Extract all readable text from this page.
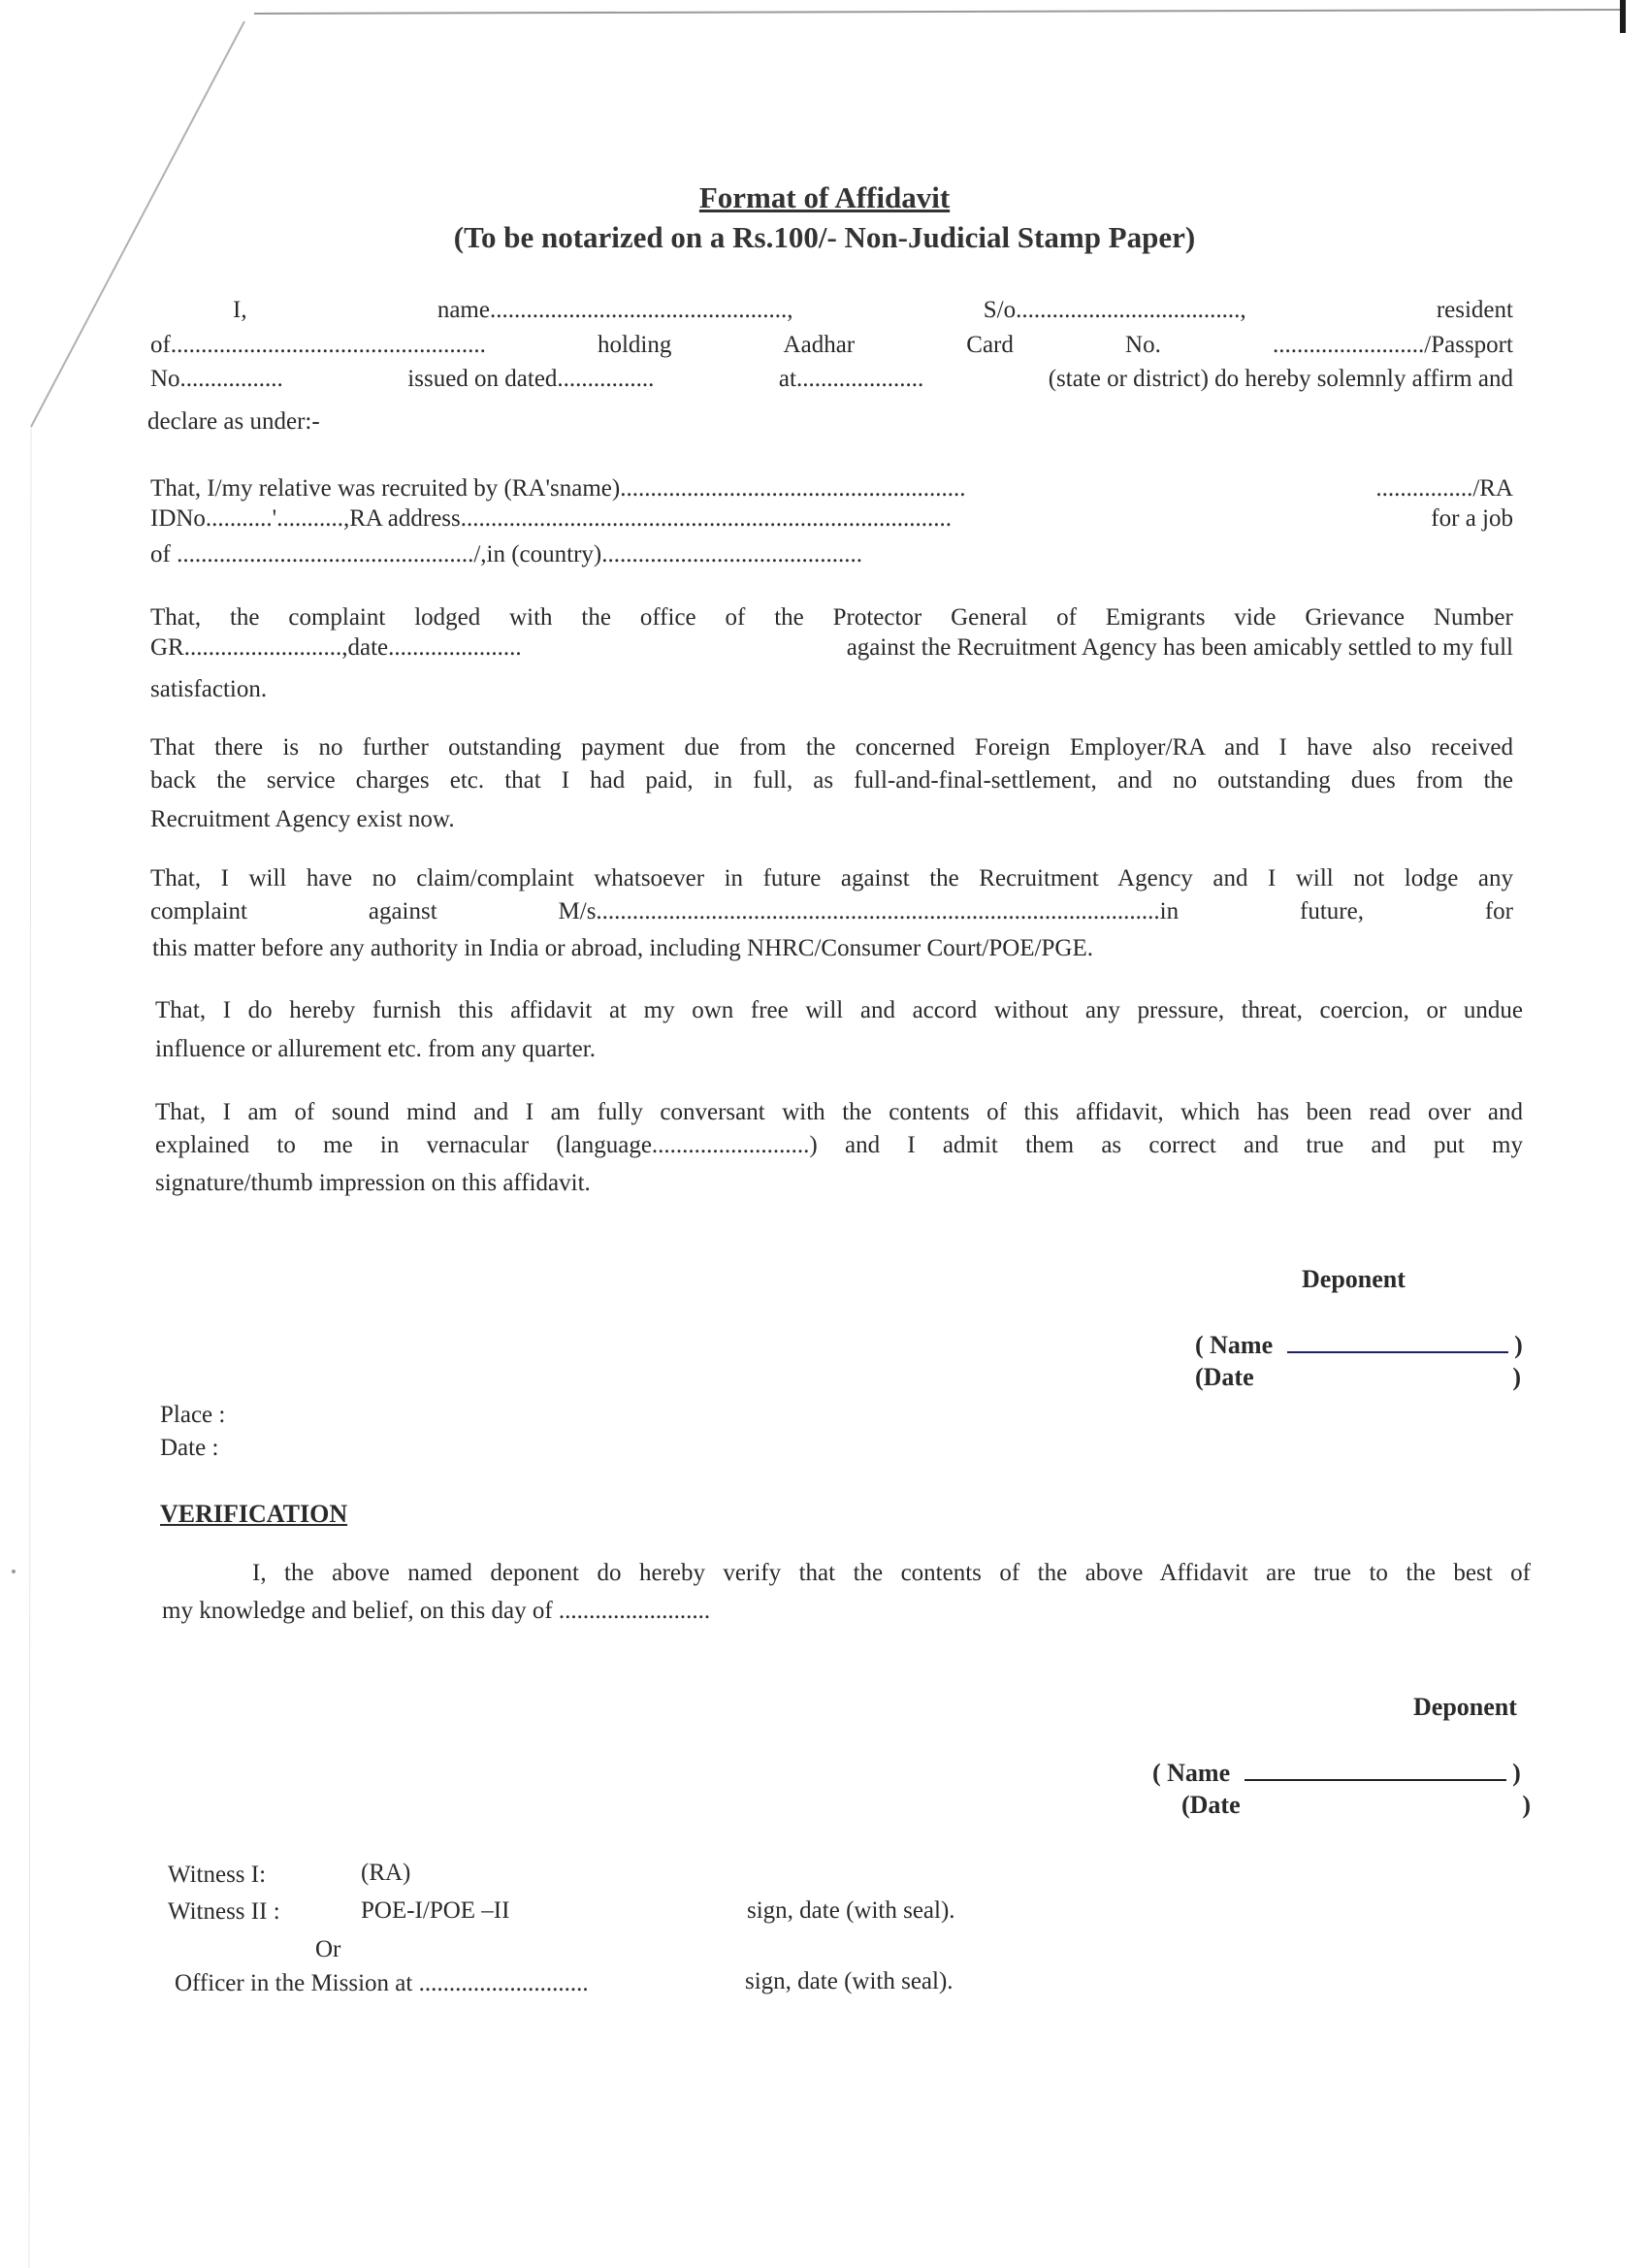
Format of Affidavit
(To be notarized on a Rs.100/- Non-Judicial Stamp Paper)
I,	name.................................................,	S/o.....................................,	resident
of....................................................	holding	Aadhar	Card	No.	........................./Passport
No.................	issued on dated................	at.....................	(state or district) do hereby solemnly affirm and
declare as under:-
That, I/my relative was recruited by (RA'sname).........................................................	................/RA
IDNo...........'...........,RA address.................................................................................	for a job
of ................................................./,in (country)...........................................
That, the complaint lodged with the office of the Protector General of Emigrants vide Grievance Number
GR..........................,date......................	against the Recruitment Agency has been amicably settled to my full
satisfaction.
That there is no further outstanding payment due from the concerned Foreign Employer/RA and I have also received
back the service charges etc. that I had paid, in full, as full-and-final-settlement, and no outstanding dues from the
Recruitment Agency exist now.
That, I will have no claim/complaint whatsoever in future against the Recruitment Agency and I will not lodge any
complaint	against	M/s.............................................................................................in	future,	for
this matter before any authority in India or abroad, including NHRC/Consumer Court/POE/PGE.
That, I do hereby furnish this affidavit at my own free will and accord without any pressure, threat, coercion, or undue
influence or allurement etc. from any quarter.
That, I am of sound mind and I am fully conversant with the contents of this affidavit, which has been read over and
explained to me in vernacular (language..........................) and I admit them as correct and true and put my
signature/thumb impression on this affidavit.
Deponent
( Name	)
(Date	)
Place :
Date :
VERIFICATION
I, the above named deponent do hereby verify that the contents of the above Affidavit are true to the best of
my knowledge and belief, on this day of .........................
Deponent
( Name	)
(Date	)
Witness I:	(RA)
Witness II :	POE-I/POE –II	sign, date (with seal).
Or
Officer in the Mission at ............................	sign, date (with seal).
